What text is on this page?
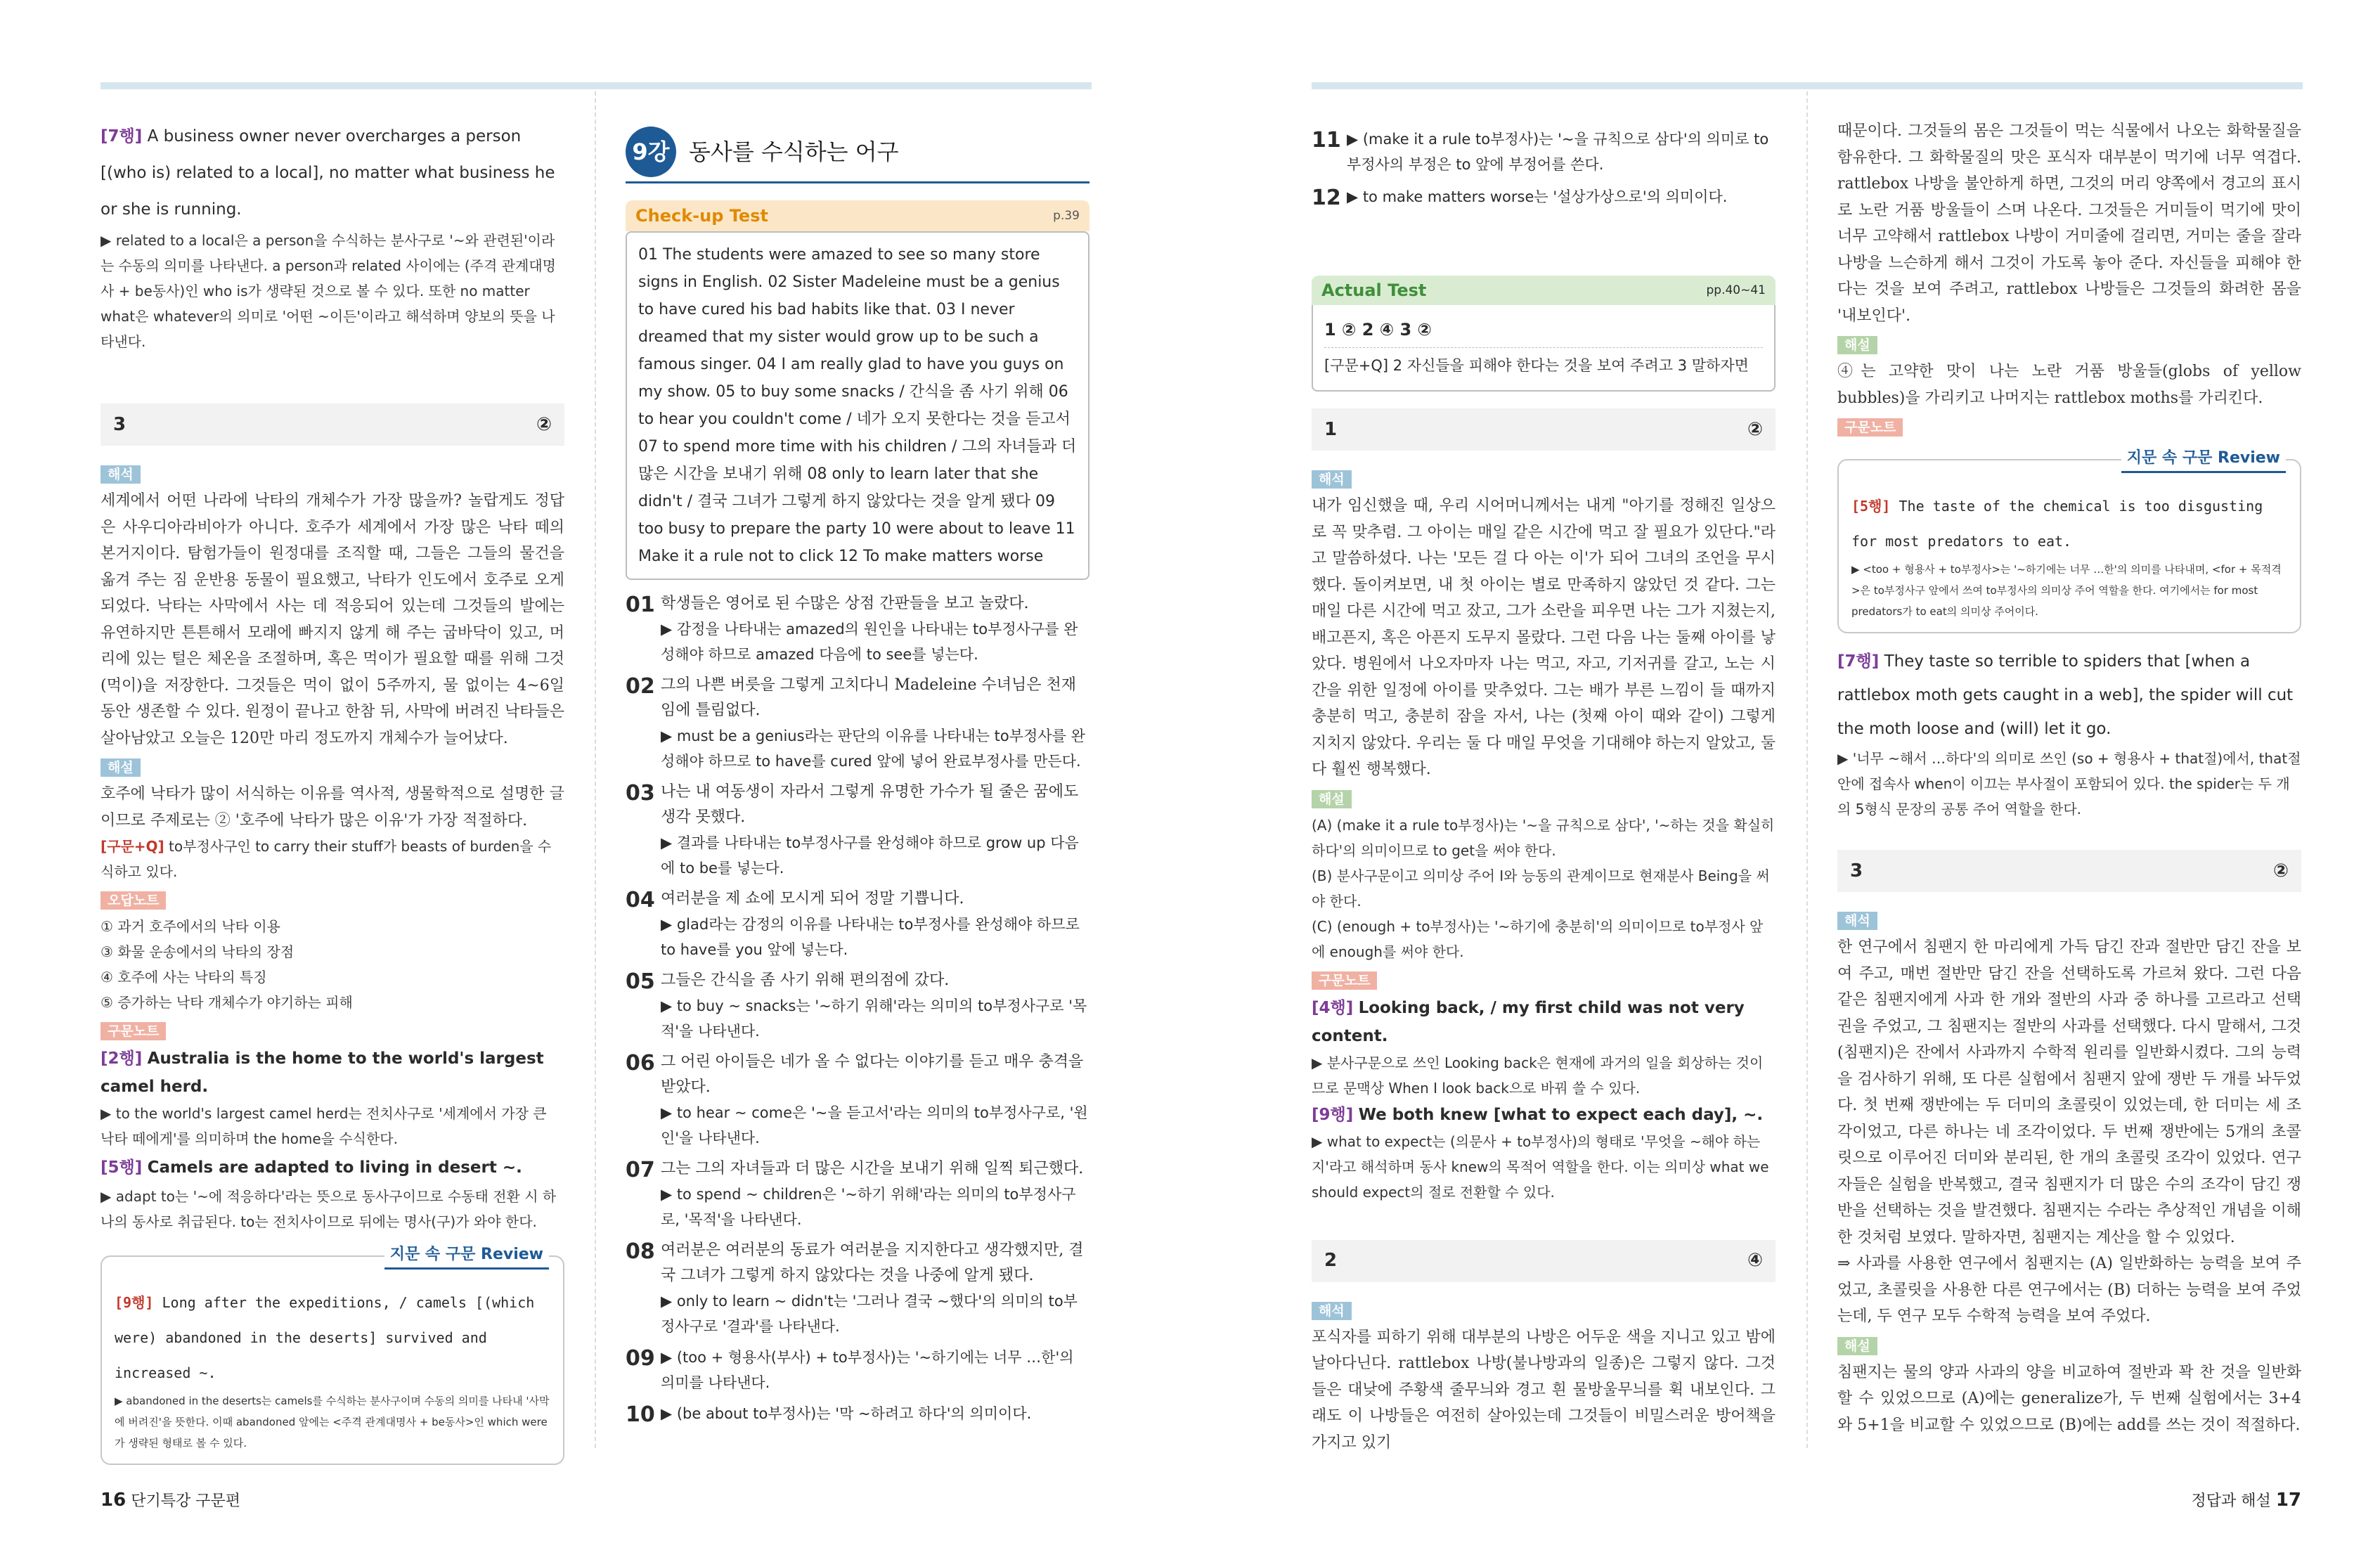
[7행] A business owner never overcharges a person [(who is) related to a local], no matter what business he or she is running.

▶ related to a local은 a person을 수식하는 분사구로 '~와 관련된'이라는 수동의 의미를 나타낸다. a person과 related 사이에는 (주격 관계대명사 + be동사)인 who is가 생략된 것으로 볼 수 있다. 또한 no matter what은 whatever의 의미로 '어떤 ~이든'이라고 해석하며 양보의 뜻을 나타낸다.

3	②
해석

세계에서 어떤 나라에 낙타의 개체수가 가장 많을까? 놀랍게도 정답은 사우디아라비아가 아니다. 호주가 세계에서 가장 많은 낙타 떼의 본거지이다. 탐험가들이 원정대를 조직할 때, 그들은 그들의 물건을 옮겨 주는 짐 운반용 동물이 필요했고, 낙타가 인도에서 호주로 오게 되었다. 낙타는 사막에서 사는 데 적응되어 있는데 그것들의 발에는 유연하지만 튼튼해서 모래에 빠지지 않게 해 주는 굽바닥이 있고, 머리에 있는 털은 체온을 조절하며, 혹은 먹이가 필요할 때를 위해 그것(먹이)을 저장한다. 그것들은 먹이 없이 5주까지, 물 없이는 4~6일 동안 생존할 수 있다. 원정이 끝나고 한참 뒤, 사막에 버려진 낙타들은 살아남았고 오늘은 120만 마리 정도까지 개체수가 늘어났다.

해설

호주에 낙타가 많이 서식하는 이유를 역사적, 생물학적으로 설명한 글이므로 주제로는 ② '호주에 낙타가 많은 이유'가 가장 적절하다.

[구문+Q] to부정사구인 to carry their stuff가 beasts of burden을 수식하고 있다.

오답노트

① 과거 호주에서의 낙타 이용

③ 화물 운송에서의 낙타의 장점

④ 호주에 사는 낙타의 특징

⑤ 증가하는 낙타 개체수가 야기하는 피해

구문노트

[2행] Australia is the home to the world's largest camel herd.

▶ to the world's largest camel herd는 전치사구로 '세계에서 가장 큰 낙타 떼에게'를 의미하며 the home을 수식한다.

[5행] Camels are adapted to living in desert ~.

▶ adapt to는 '~에 적응하다'라는 뜻으로 동사구이므로 수동태 전환 시 하나의 동사로 취급된다. to는 전치사이므로 뒤에는 명사(구)가 와야 한다.

지문 속 구문 Review

[9행] Long after the expeditions, / camels [(which were) abandoned in the deserts] survived and increased ~.

▶ abandoned in the deserts는 camels를 수식하는 분사구이며 수동의 의미를 나타내 '사막에 버려진'을 뜻한다. 이때 abandoned 앞에는 <주격 관계대명사 + be동사>인 which were가 생략된 형태로 볼 수 있다.

9강 동사를 수식하는 어구
Check-up Test	p.39
01 The students were amazed to see so many store signs in English. 02 Sister Madeleine must be a genius to have cured his bad habits like that. 03 I never dreamed that my sister would grow up to be such a famous singer. 04 I am really glad to have you guys on my show. 05 to buy some snacks / 간식을 좀 사기 위해 06 to hear you couldn't come / 네가 오지 못한다는 것을 듣고서 07 to spend more time with his children / 그의 자녀들과 더 많은 시간을 보내기 위해 08 only to learn later that she didn't / 결국 그녀가 그렇게 하지 않았다는 것을 알게 됐다 09 too busy to prepare the party 10 were about to leave 11 Make it a rule not to click 12 To make matters worse
01 학생들은 영어로 된 수많은 상점 간판들을 보고 놀랐다.
▶ 감정을 나타내는 amazed의 원인을 나타내는 to부정사구를 완성해야 하므로 amazed 다음에 to see를 넣는다.
02 그의 나쁜 버릇을 그렇게 고치다니 Madeleine 수녀님은 천재임에 틀림없다.
▶ must be a genius라는 판단의 이유를 나타내는 to부정사를 완성해야 하므로 to have를 cured 앞에 넣어 완료부정사를 만든다.
03 나는 내 여동생이 자라서 그렇게 유명한 가수가 될 줄은 꿈에도 생각 못했다.
▶ 결과를 나타내는 to부정사구를 완성해야 하므로 grow up 다음에 to be를 넣는다.
04 여러분을 제 쇼에 모시게 되어 정말 기쁩니다.
▶ glad라는 감정의 이유를 나타내는 to부정사를 완성해야 하므로 to have를 you 앞에 넣는다.
05 그들은 간식을 좀 사기 위해 편의점에 갔다.
▶ to buy ~ snacks는 '~하기 위해'라는 의미의 to부정사구로 '목적'을 나타낸다.
06 그 어린 아이들은 네가 올 수 없다는 이야기를 듣고 매우 충격을 받았다.
▶ to hear ~ come은 '~을 듣고서'라는 의미의 to부정사구로, '원인'을 나타낸다.
07 그는 그의 자녀들과 더 많은 시간을 보내기 위해 일찍 퇴근했다.
▶ to spend ~ children은 '~하기 위해'라는 의미의 to부정사구로, '목적'을 나타낸다.
08 여러분은 여러분의 동료가 여러분을 지지한다고 생각했지만, 결국 그녀가 그렇게 하지 않았다는 것을 나중에 알게 됐다.
▶ only to learn ~ didn't는 '그러나 결국 ~했다'의 의미의 to부정사구로 '결과'를 나타낸다.
09 ▶ (too + 형용사(부사) + to부정사)는 '~하기에는 너무 …한'의 의미를 나타낸다.
10 ▶ (be about to부정사)는 '막 ~하려고 하다'의 의미이다.
11 ▶ (make it a rule to부정사)는 '~을 규칙으로 삼다'의 의미로 to부정사의 부정은 to 앞에 부정어를 쓴다.
12 ▶ to make matters worse는 '설상가상으로'의 의미이다.
Actual Test	pp.40~41

1 ② 2 ④ 3 ②

[구문+Q] 2 자신들을 피해야 한다는 것을 보여 주려고 3 말하자면

1	②
해석

내가 임신했을 때, 우리 시어머니께서는 내게 "아기를 정해진 일상으로 꼭 맞추렴. 그 아이는 매일 같은 시간에 먹고 잘 필요가 있단다."라고 말씀하셨다. 나는 '모든 걸 다 아는 이'가 되어 그녀의 조언을 무시했다. 돌이켜보면, 내 첫 아이는 별로 만족하지 않았던 것 같다. 그는 매일 다른 시간에 먹고 잤고, 그가 소란을 피우면 나는 그가 지쳤는지, 배고픈지, 혹은 아픈지 도무지 몰랐다. 그런 다음 나는 둘째 아이를 낳았다. 병원에서 나오자마자 나는 먹고, 자고, 기저귀를 갈고, 노는 시간을 위한 일정에 아이를 맞추었다. 그는 배가 부른 느낌이 들 때까지 충분히 먹고, 충분히 잠을 자서, 나는 (첫째 아이 때와 같이) 그렇게 지치지 않았다. 우리는 둘 다 매일 무엇을 기대해야 하는지 알았고, 둘 다 훨씬 행복했다.

해설

(A) (make it a rule to부정사)는 '~을 규칙으로 삼다', '~하는 것을 확실히 하다'의 의미이므로 to get을 써야 한다.
(B) 분사구문이고 의미상 주어 I와 능동의 관계이므로 현재분사 Being을 써야 한다.
(C) (enough + to부정사)는 '~하기에 충분히'의 의미이므로 to부정사 앞에 enough를 써야 한다.

구문노트

[4행] Looking back, / my first child was not very content.

▶ 분사구문으로 쓰인 Looking back은 현재에 과거의 일을 회상하는 것이므로 문맥상 When I look back으로 바꿔 쓸 수 있다.

[9행] We both knew [what to expect each day], ~.

▶ what to expect는 (의문사 + to부정사)의 형태로 '무엇을 ~해야 하는지'라고 해석하며 동사 knew의 목적어 역할을 한다. 이는 의미상 what we should expect의 절로 전환할 수 있다.

2	④
해석

포식자를 피하기 위해 대부분의 나방은 어두운 색을 지니고 있고 밤에 날아다닌다. rattlebox 나방(불나방과의 일종)은 그렇지 않다. 그것들은 대낮에 주황색 줄무늬와 경고 흰 물방울무늬를 휙 내보인다. 그래도 이 나방들은 여전히 살아있는데 그것들이 비밀스러운 방어책을 가지고 있기

때문이다. 그것들의 몸은 그것들이 먹는 식물에서 나오는 화학물질을 함유한다. 그 화학물질의 맛은 포식자 대부분이 먹기에 너무 역겹다. rattlebox 나방을 불안하게 하면, 그것의 머리 양쪽에서 경고의 표시로 노란 거품 방울들이 스며 나온다. 그것들은 거미들이 먹기에 맛이 너무 고약해서 rattlebox 나방이 거미줄에 걸리면, 거미는 줄을 잘라 나방을 느슨하게 해서 그것이 가도록 놓아 준다. 자신들을 피해야 한다는 것을 보여 주려고, rattlebox 나방들은 그것들의 화려한 몸을 '내보인다'.

해설

④는 고약한 맛이 나는 노란 거품 방울들(globs of yellow bubbles)을 가리키고 나머지는 rattlebox moths를 가리킨다.

구문노트
지문 속 구문 Review

[5행] The taste of the chemical is too disgusting for most predators to eat.

▶ <too + 형용사 + to부정사>는 '~하기에는 너무 …한'의 의미를 나타내며, <for + 목적격>은 to부정사구 앞에서 쓰여 to부정사의 의미상 주어 역할을 한다. 여기에서는 for most predators가 to eat의 의미상 주어이다.

[7행] They taste so terrible to spiders that [when a rattlebox moth gets caught in a web], the spider will cut the moth loose and (will) let it go.

▶ '너무 ~해서 …하다'의 의미로 쓰인 (so + 형용사 + that절)에서, that절 안에 접속사 when이 이끄는 부사절이 포함되어 있다. the spider는 두 개의 5형식 문장의 공통 주어 역할을 한다.

3	②
해석

한 연구에서 침팬지 한 마리에게 가득 담긴 잔과 절반만 담긴 잔을 보여 주고, 매번 절반만 담긴 잔을 선택하도록 가르쳐 왔다. 그런 다음 같은 침팬지에게 사과 한 개와 절반의 사과 중 하나를 고르라고 선택권을 주었고, 그 침팬지는 절반의 사과를 선택했다. 다시 말해서, 그것(침팬지)은 잔에서 사과까지 수학적 원리를 일반화시켰다. 그의 능력을 검사하기 위해, 또 다른 실험에서 침팬지 앞에 쟁반 두 개를 놔두었다. 첫 번째 쟁반에는 두 더미의 초콜릿이 있었는데, 한 더미는 세 조각이었고, 다른 하나는 네 조각이었다. 두 번째 쟁반에는 5개의 초콜릿으로 이루어진 더미와 분리된, 한 개의 초콜릿 조각이 있었다. 연구자들은 실험을 반복했고, 결국 침팬지가 더 많은 수의 조각이 담긴 쟁반을 선택하는 것을 발견했다. 침팬지는 수라는 추상적인 개념을 이해한 것처럼 보였다. 말하자면, 침팬지는 계산을 할 수 있었다.

⇒ 사과를 사용한 연구에서 침팬지는 (A) 일반화하는 능력을 보여 주었고, 초콜릿을 사용한 다른 연구에서는 (B) 더하는 능력을 보여 주었는데, 두 연구 모두 수학적 능력을 보여 주었다.

해설

침팬지는 물의 양과 사과의 양을 비교하여 절반과 꽉 찬 것을 일반화할 수 있었으므로 (A)에는 generalize가, 두 번째 실험에서는 3+4와 5+1을 비교할 수 있었으므로 (B)에는 add를 쓰는 것이 적절하다.

16 단기특강 구문편	정답과 해설 17
